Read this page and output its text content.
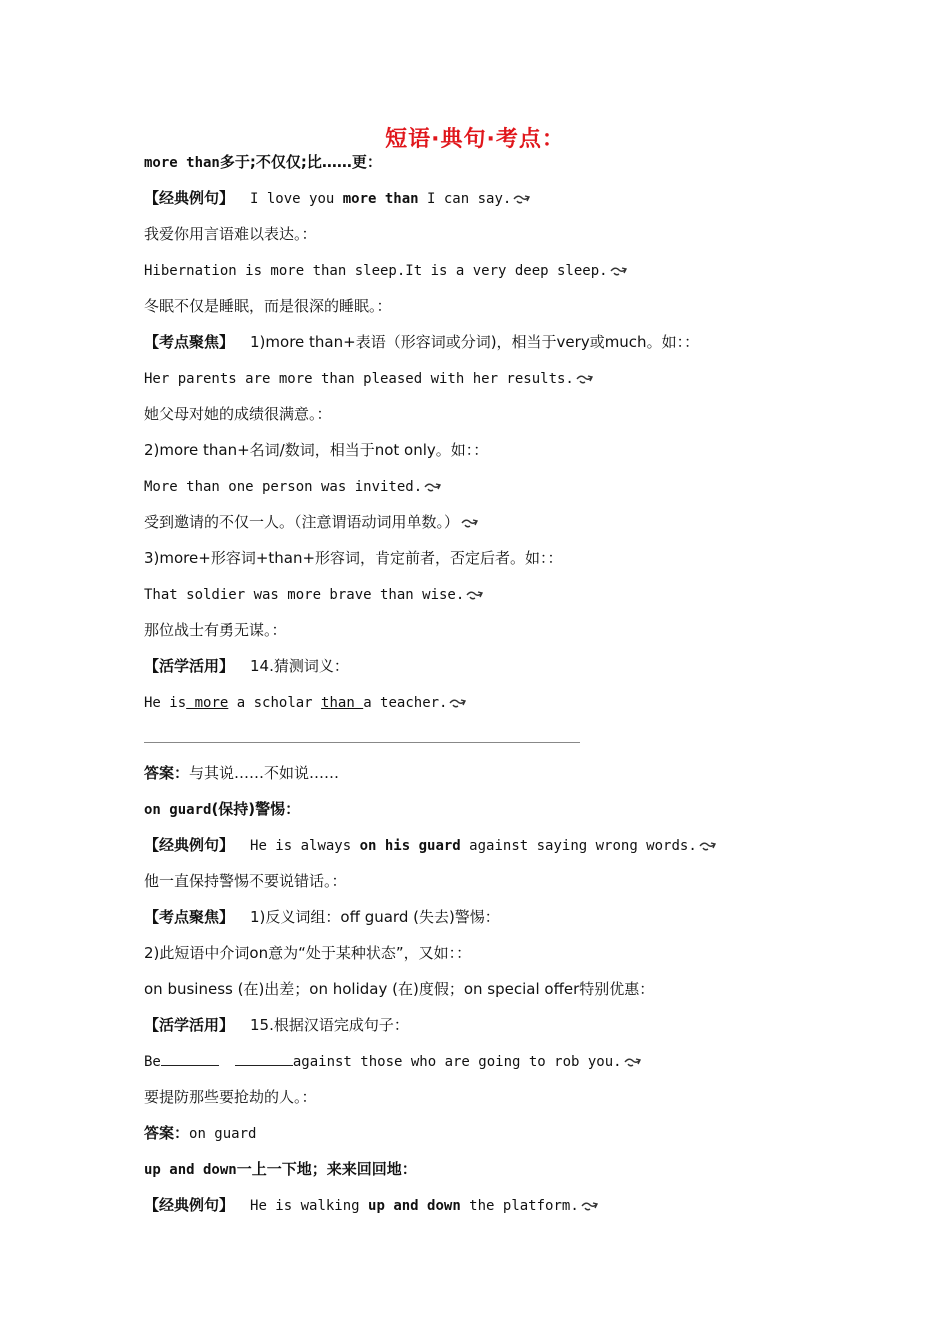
短语·典句·考点：
more than多于;不仅仅;比……更：
【经典例句】 I love you more than I can say.
我爱你用言语难以表达。：
Hibernation is more than sleep.It is a very deep sleep.
冬眠不仅是睡眠，而是很深的睡眠。：
【考点聚焦】 1)more than+表语（形容词或分词)，相当于very或much。如：：
Her parents are more than pleased with her results.
她父母对她的成绩很满意。：
2)more than+名词/数词，相当于not only。如：：
More than one person was invited.
受到邀请的不仅一人。（注意谓语动词用单数。）
3)more+形容词+than+形容词，肯定前者，否定后者。如：：
That soldier was more brave than wise.
那位战士有勇无谋。：
【活学活用】 14.猜测词义：
He is more a scholar than a teacher.
答案：与其说……不如说……
on guard(保持)警惕：
【经典例句】 He is always on his guard against saying wrong words.
他一直保持警惕不要说错话。：
【考点聚焦】 1)反义词组：off guard (失去)警惕：
2)此短语中介词on意为“处于某种状态”，又如：：
on business (在)出差；on holiday (在)度假；on special offer特别优惠：
【活学活用】 15.根据汉语完成句子：
Be	against those who are going to rob you.
要提防那些要抢劫的人。：
答案：on guard
up and down一上一下地；来来回回地：
【经典例句】 He is walking up and down the platform.
